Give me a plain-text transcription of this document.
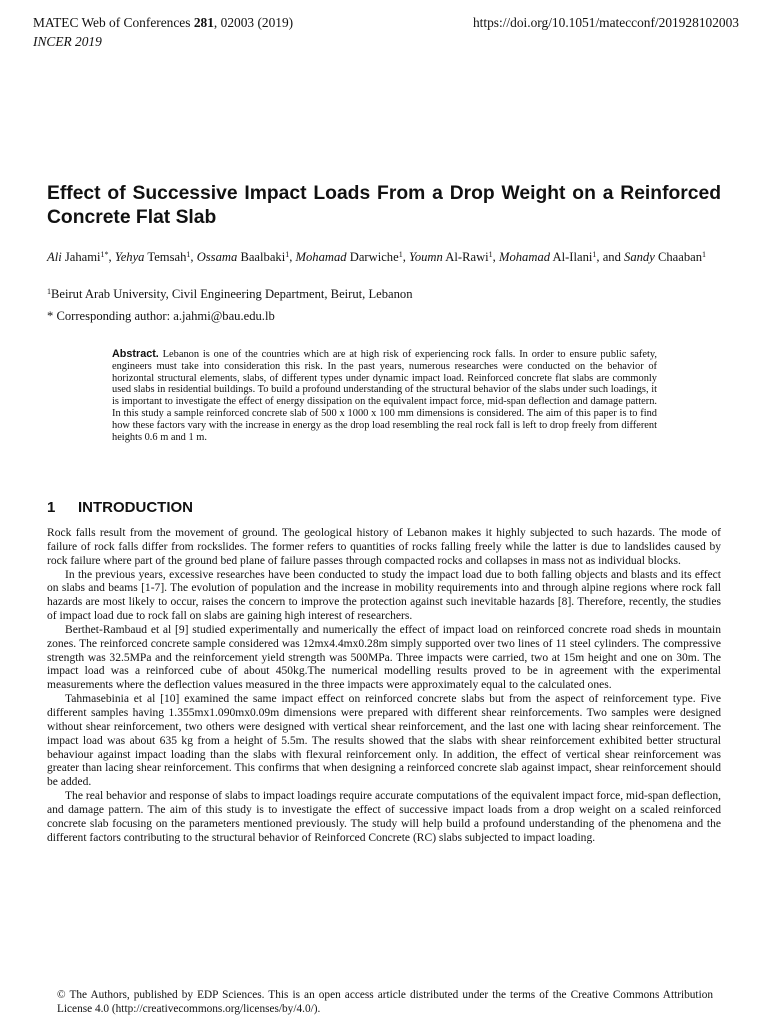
MATEC Web of Conferences 281, 02003 (2019)
INCER 2019
https://doi.org/10.1051/matecconf/201928102003
Effect of Successive Impact Loads From a Drop Weight on a Reinforced Concrete Flat Slab

Ali Jahami$^{1*}$, Yehya Temsah$^1$, Ossama Baalbaki$^1$, Mohamad Darwiche$^1$, Youmn Al-Rawi$^1$, Mohamad Al-Ilani$^1$, and Sandy Chaaban$^1$

$^1$Beirut Arab University, Civil Engineering Department, Beirut, Lebanon
* Corresponding author: a.jahmi@bau.edu.lb

Abstract. Lebanon is one of the countries which are at high risk of experiencing rock falls. In order to ensure public safety, engineers must take into consideration this risk. In the past years, numerous researches were conducted on the behavior of horizontal structural elements, slabs, of different types under dynamic impact load. Reinforced concrete flat slabs are commonly used slabs in residential buildings. To build a profound understanding of the structural behavior of the slabs under such loadings, it is important to investigate the effect of energy dissipation on the equivalent impact force, mid-span deflection and damage pattern. In this study a sample reinforced concrete slab of 500 x 1000 x 100 mm dimensions is considered. The aim of this paper is to find how these factors vary with the increase in energy as the drop load resembling the real rock fall is left to drop freely from different heights 0.6 m and 1 m.

1 INTRODUCTION

Rock falls result from the movement of ground. The geological history of Lebanon makes it highly subjected to such hazards. The mode of failure of rock falls differ from rockslides. The former refers to quantities of rocks falling freely while the latter is due to landslides caused by rock failure where part of the ground bed plane of failure passes through compacted rocks and collapses in mass not as individual blocks.

In the previous years, excessive researches have been conducted to study the impact load due to both falling objects and blasts and its effect on slabs and beams [1-7]. The evolution of population and the increase in mobility requirements into and through alpine regions where rock fall hazards are most likely to occur, raises the concern to improve the protection against such inevitable hazards [8]. Therefore, recently, the studies of impact load due to rock fall on slabs are gaining high interest of researchers.

Berthet-Rambaud et al [9] studied experimentally and numerically the effect of impact load on reinforced concrete road sheds in mountain zones. The reinforced concrete sample considered was 12mx4.4mx0.28m simply supported over two lines of 11 steel cylinders. The compressive strength was 32.5MPa and the reinforcement yield strength was 500MPa. Three impacts were carried, two at 15m height and one on 30m. The impact load was a reinforced cube of about 450kg.The numerical modelling results proved to be in agreement with the experimental measurements where the deflection values measured in the three impacts were approximately equal to the calculated ones.

Tahmasebinia et al [10] examined the same impact effect on reinforced concrete slabs but from the aspect of reinforcement type. Five different samples having 1.355mx1.090mx0.09m dimensions were prepared with different shear reinforcements. Two samples were designed without shear reinforcement, two others were designed with vertical shear reinforcement, and the last one with lacing shear reinforcement. The impact load was about 635 kg from a height of 5.5m. The results showed that the slabs with shear reinforcement exhibited better structural behaviour against impact loading than the slabs with flexural reinforcement only. In addition, the effect of vertical shear reinforcement was greater than lacing shear reinforcement. This confirms that when designing a reinforced concrete slab against impact, shear reinforcement should be added.

The real behavior and response of slabs to impact loadings require accurate computations of the equivalent impact force, mid-span deflection, and damage pattern. The aim of this study is to investigate the effect of successive impact loads from a drop weight on a scaled reinforced concrete slab focusing on the parameters mentioned previously. The study will help build a profound understanding of the phenomena and the different factors contributing to the structural behavior of Reinforced Concrete (RC) slabs subjected to impact loading.

© The Authors, published by EDP Sciences. This is an open access article distributed under the terms of the Creative Commons Attribution License 4.0 (http://creativecommons.org/licenses/by/4.0/).
